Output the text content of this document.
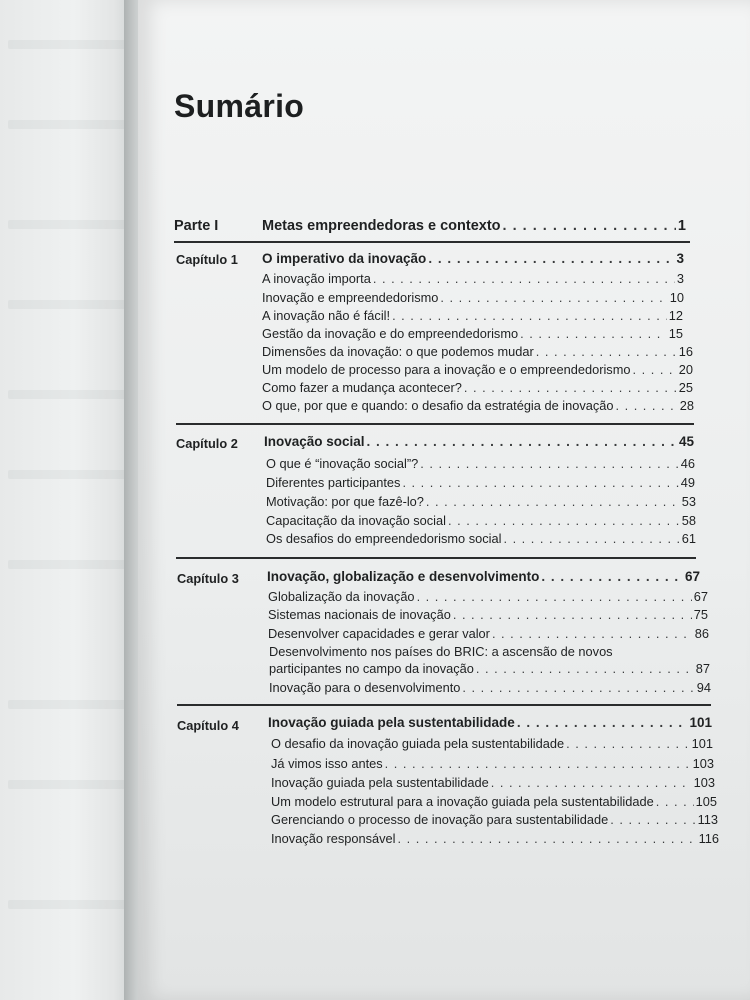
Sumário
Parte I	Metas empreendedoras e contexto . . .	1
Capítulo 1 O imperativo da inovação . . .	3
A inovação importa . . .	3
Inovação e empreendedorismo . . .	10
A inovação não é fácil! . . .	12
Gestão da inovação e do empreendedorismo . . .	15
Dimensões da inovação: o que podemos mudar . . .	16
Um modelo de processo para a inovação e o empreendedorismo . . .	20
Como fazer a mudança acontecer? . . .	25
O que, por que e quando: o desafio da estratégia de inovação . . .	28
Capítulo 2 Inovação social . . .	45
O que é “inovação social”? . . .	46
Diferentes participantes . . .	49
Motivação: por que fazê-lo? . . .	53
Capacitação da inovação social . . .	58
Os desafios do empreendedorismo social . . .	61
Capítulo 3 Inovação, globalização e desenvolvimento . . .	67
Globalização da inovação . . .	67
Sistemas nacionais de inovação . . .	75
Desenvolver capacidades e gerar valor . . .	86
Desenvolvimento nos países do BRIC: a ascensão de novos
participantes no campo da inovação . . .	87
Inovação para o desenvolvimento . . .	94
Capítulo 4 Inovação guiada pela sustentabilidade . . .	101
O desafio da inovação guiada pela sustentabilidade . . .	101
Já vimos isso antes . . .	103
Inovação guiada pela sustentabilidade . . .	103
Um modelo estrutural para a inovação guiada pela sustentabilidade . . .	105
Gerenciando o processo de inovação para sustentabilidade . . .	113
Inovação responsável . . .	116
